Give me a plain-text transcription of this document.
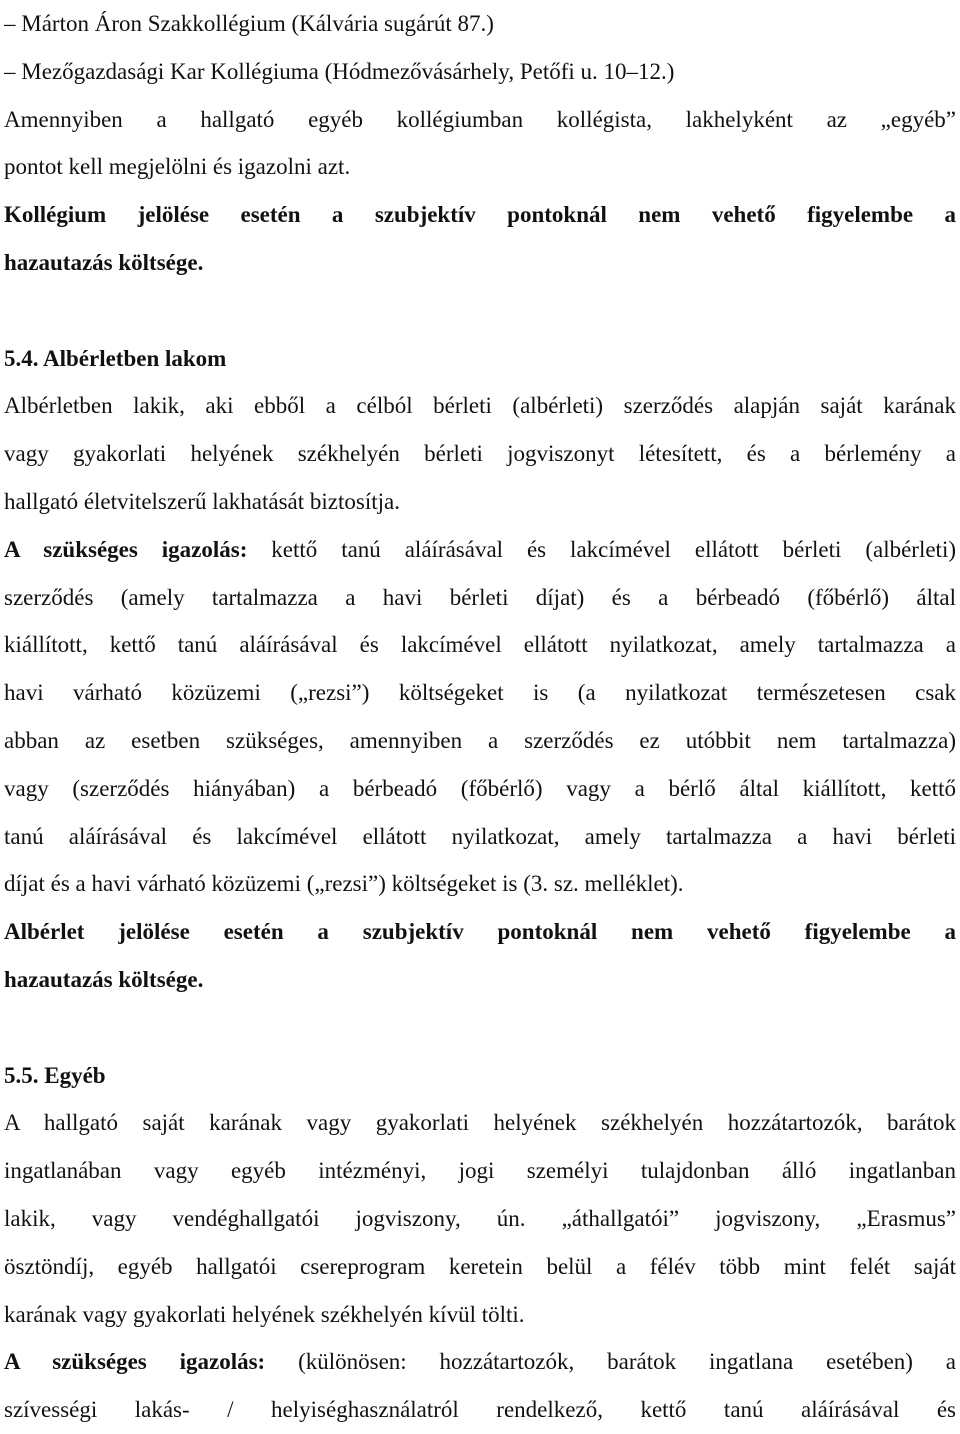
– Márton Áron Szakkollégium (Kálvária sugárút 87.)
– Mezőgazdasági Kar Kollégiuma (Hódmezővásárhely, Petőfi u. 10–12.)
Amennyiben a hallgató egyéb kollégiumban kollégista, lakhelyként az „egyéb”
pontot kell megjelölni és igazolni azt.
Kollégium jelölése esetén a szubjektív pontoknál nem vehető figyelembe a
hazautazás költsége.
5.4. Albérletben lakom
Albérletben lakik, aki ebből a célból bérleti (albérleti) szerződés alapján saját karának
vagy gyakorlati helyének székhelyén bérleti jogviszonyt létesített, és a bérlemény a
hallgató életvitelszerű lakhatását biztosítja.
A szükséges igazolás: kettő tanú aláírásával és lakcímével ellátott bérleti (albérleti)
szerződés (amely tartalmazza a havi bérleti díjat) és a bérbeadó (főbérlő) által
kiállított, kettő tanú aláírásával és lakcímével ellátott nyilatkozat, amely tartalmazza a
havi várható közüzemi („rezsi”) költségeket is (a nyilatkozat természetesen csak
abban az esetben szükséges, amennyiben a szerződés ez utóbbit nem tartalmazza)
vagy (szerződés hiányában) a bérbeadó (főbérlő) vagy a bérlő által kiállított, kettő
tanú aláírásával és lakcímével ellátott nyilatkozat, amely tartalmazza a havi bérleti
díjat és a havi várható közüzemi („rezsi”) költségeket is (3. sz. melléklet).
Albérlet jelölése esetén a szubjektív pontoknál nem vehető figyelembe a
hazautazás költsége.
5.5. Egyéb
A hallgató saját karának vagy gyakorlati helyének székhelyén hozzátartozók, barátok
ingatlanában vagy egyéb intézményi, jogi személyi tulajdonban álló ingatlanban
lakik, vagy vendéghallgatói jogviszony, ún. „áthallgatói” jogviszony, „Erasmus”
ösztöndíj, egyéb hallgatói csereprogram keretein belül a félév több mint felét saját
karának vagy gyakorlati helyének székhelyén kívül tölti.
A szükséges igazolás: (különösen: hozzátartozók, barátok ingatlana esetében) a
szívességi lakás- / helyiséghasználatról rendelkező, kettő tanú aláírásával és
